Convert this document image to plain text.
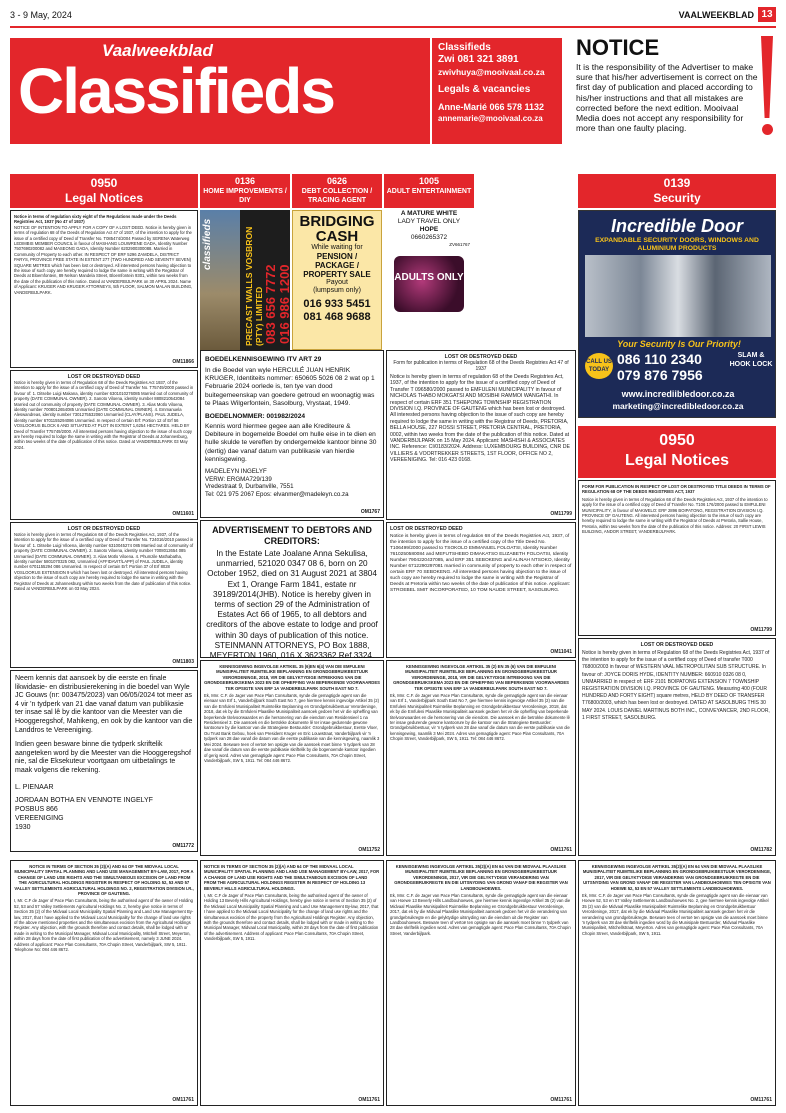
3 - 9 May, 2024	VAALWEEKBLAD 13
Vaalweekblad
Classifieds
Classifieds
Zwi 081 321 3891
zwivhuya@mooivaal.co.za
Legals & vacancies
Anne-Marié 066 578 1132
annemarie@mooivaal.co.za
NOTICE
It is the responsibility of the Advertiser to make sure that his/her advertisement is correct on the first day of publication and placed according to his/her instructions and that all mistakes are corrected before the next edition. Mooivaal Media does not accept any responsibility for more than one faulty placing.
0950
Legal Notices
0136
HOME IMPROVEMENTS / DIY
0626
DEBT COLLECTION / TRACING AGENT
1005
ADULT ENTERTAINMENT
0139
Security
Notice in terms of regulation sixty eight of the Regulations made under the Deeds Registries Act, 1937 (No 47 of 1937)
NOTICE OF INTENTION TO APPLY FOR A COPY OF A LOST DEED. Notice is hereby given in terms of regulation 68 of the Deeds of Regulation Act 47 of 1937, of the intention to apply for the issue of a certified copy of Deed of Transfer No. T085474/2004 Passed by SERENA Waterweg LEDIMBIS MEMBER COUNCIL in favour of MASHANG LOUWRENE GADA, Identity Number 7507690200082 and MASEONG GADA, Identity Number 6202900300088. Married in Community of Property to each other. IN RESPECT OF ERF 5296 ZAMDELA, DISTRICT PARYS, PROVINCE FREE STATE IN EXTENT 277 (TWO HUNDRED AND SEVENTY SEVEN) SQUARE METRES which has been lost or destroyed. All interested persons having objection to the issue of such copy are hereby required to lodge the same in writing with the Registrar of Deeds at Bloemfontein, 89 Nelson Mandela Street, Bloemfontein 9301, within two weeks from the date of the publication of this notice. Dated at VANDERBIJLPARK on 30 APRIL 2024. Name of Applicant: KRUGER AND KRUGER ATTORNEYS, 5th FLOOR, SALMON MALAN BUILDING, VANDERBIJLPARK.
OM11866
LOST OR DESTROYED DEED
Notice is hereby given in terms of Regulation 68 of the Deeds Registries Act 1937, of the intention to apply for the issue of a certified copy of Deed of Transfer No. T75749/2000 passed in favour of: 1. Ditsebe Luigi Makana, identity number 6301010276085 Married out of community of property (DATE COMMUNAL OWNER). 2. Sanoto Viloena, identity number 8808210542084 Married out of community of property (DATE COMMUNAL OWNER). 3. Alias Motlo Viloena, identity number 7008012654085 Unmarried (DATE COMMUNAL OWNER). 4. Emmanuela Aleswandreas, identity number 7301275532060 Unmarried (CLAY/PLANS). PAUL JUDELA, identity number 6701155294086 Unmarried. In respect of certain Erf: Portion 12 of Erf 56 VOSLOORUS BLOCK 6 AND SITUATED AT PLOT IN EXTENT 1,6254 HECTARES. HELD BY Deed of Transfer T75749/2000. All interested persons having objection to the issue of such copy are hereby required to lodge the same in writing with the Registrar of Deeds at Johannesburg, within two weeks of the date of publication of this notice. Dated at VANDERBIJLPARK 03 May 2024.
OM11601
LOST OR DESTROYED DEED
Notice is hereby given in terms of Regulation 68 of the Deeds Registries Act, 1937, of the intention to apply for the issue of a certified copy of Deed of Transfer No. T24016/2010 passed in favour of: 1. Ditsebe Luigi Viloena, identity number 6310045274 085 Married out of community of property (DATE COMMUNAL OWNER). 2. Sanoto Viloena, identity number 7008012654 085 Unmarried (DATE COMMUNAL OWNER). 3. Alias Motlo Viloena. 4. Phumzile Mathabatha, identity number 5801070325 082, Unmarried (AFFIDAVIT/LAPP) of PAUL JUDELA, identity number 6701155294 086 Unmarried. In respect of certain Erf: Portion 37 of Erf 8028 VOSLOORUS EXTENSION 9 which has been lost or destroyed. All interested persons having objection to the issue of such copy are hereby required to lodge the same in writing with the Registrar of Deeds at Johannesburg within two weeks from the date of publication of this notice. Dated at VANDERBIJLPARK on 03 May 2024.
OM11803
Neem kennis dat aansoek by die eerste en finale likwidasie- en distribusierekening in die boedel van Wyle JC Gouws (nr: 003475/2023) van 06/05/2024 tot meer as 4 vir 'n tydperk van 21 dae vanaf datum van publikasie ter insae sal lê by die kantoor van die Meester van die Hooggeregshof, Mahikeng, en ook by die kantoor van die Landdros te Vereeniging.
Indien geen besware binne die tydperk skriftelik aangeteken word by die Meester van die Hooggeregshof nie, sal die Eksekuteur voortgaan om uitbetalings te maak volgens die rekening.
L. PIENAAR
JORDAAN BOTHA EN VENNOTE INGELYF
POSBUS 866
VEREENIGING
1930
OM11772
classifieds	PRECAST WALLS VOSBRON (PTY) LIMITED 083 656 7772 016 986 1200
BRIDGING CASH
While waiting for
PENSION /
PACKAGE /
PROPERTY SALE
Payout
(lumpsum only)
016 933 5451
081 468 9688
A MATURE WHITE
LADY TRAVEL ONLY
HOPE
0660265372
ZV661767
ADULTS ONLY
Incredible Door
EXPANDABLE SECURITY DOORS, WINDOWS AND ALUMINIUM PRODUCTS
Your Security Is Our Priority!
CALL US TODAY
086 110 2340
079 876 7956
SLAM & HOOK LOCK
www.incrediibledoor.co.za
marketing@incredibledoor.co.za
0950
Legal Notices
BOEDELKENNISGEWING ITV ART 29
In die Boedel van wyle HERCULÉ JUAN HENRIK KRUGER, Identiteits nommer: 650605 5026 08 2 wat op 1 Februarie 2024 oorlede is, ten tye van dood buitegemeenskap van goedere getroud en woonagtig was te Plaas Wilgerfontein, Sasolburg, Vrystaat, 1949.
BOEDELNOMMER: 001982/2024
Kennis word hiermee gegee aan alle Krediteure & Debiteure in bogemelde Boedel om hulle eise in te dien en hulle skulde te vereffen by ondergemelde kantoor binne 30 (dertig) dae vanaf datum van publikasie van hierdie kennisgewing.
MADELEYN INGELYF
VERW: ERGMA729/139
Vredestraat 9, Durbanville, 7551
Tel: 021 975 2067 Epos: elvanmer@madeleyn.co.za
OM1767
ADVERTISEMENT TO DEBTORS AND CREDITORS:
In the Estate Late Joalane Anna Sekulisa, unmarried, 521020 0347 08 6, born on 20 October 1952, died on 31 August 2021 at 3804 Ext 1, Orange Farm 1841, estate nr 39189/2014(JHB). Notice is hereby given in terms of section 29 of the Administration of Estates Act 66 of 1965, to all debtors and creditors of the above estate to lodge and proof within 30 days of publication of this notice. STEINMANN ATTORNEYS, PO Box 1888, MEYERTON 1960, 016 X 3623362 Ref 3324.
LOST OR DESTROYED DEED
Form for publication in terms of Regulation 68 of the Deeds Registries Act 47 of 1937
Notice is hereby given in terms of regulation 68 of the Deeds Registries Act, 1937, of the intention to apply for the issue of a certified copy of Deed of Transfer T 096580/2000 passed to EMFULENI MUNICIPALITY in favour of NICHOLAS THABO MOKGATSI AND MOSIBHI RAMMOI WANGATHI. In respect of certain ERF 351 TSHEPONG TOWNSHIP REGISTRATION DIVISION I.Q. PROVINCE OF GAUTENG which has been lost or destroyed. All interested persons having objection to the issue of such copy are hereby required to lodge the same in writing with the Registrar of Deeds, PRETORIA, BELLA HOUSE, 227 ROSSI STREET, PRETORIA CENTRAL, PRETORIA, 0002, within two weeks from the date of the publication of this notice. Dated at VANDERBIJLPARK on 15 May 2024. Applicant: MASHISHI & ASSOCIATES INC. Reference: CI/0183/2024. Address: LUXEMBOURG BUILDING, CNR DE VILLIERS & VOORTREKKER STREETS, 1ST FLOOR, OFFICE NO 2, VEREENIGING. Tel: 016 423 0168.
OM11799
LOST OR DESTROYED DEED
Notice is hereby given in terms of regulation 68 of the Deeds Registries Act, 1937, of the intention to apply for the issue of a certified copy of the Title Deed No. T106499/2000 passed to TSOKOLO EMMANUEL FOLOATSI, Identity Number 7610250580084 and MEFUTSHEBO DIMAKATSO ELIZABETH FOLOATSI, Identity Number 7904220437085, and ERF 351 SEBOKENG and ALINAH NTSOKO, Identity Number 6712290297081 married in community of property to each other in respect of certain ERF 70 SEBOKENG. All interested persons having objection to the issue of such copy are hereby required to lodge the same in writing with the Registrar of Deeds at Pretoria within two weeks of the date of publication of this notice. Applicant: STROEBEL SMIT INCORPORATED, 10 TOM NAUDE STREET, SASOLBURG.
OM11041
FORM FOR PUBLICATION IN RESPECT OF LOST OR DESTROYED TITLE DEEDS IN TERMS OF REGULATION 68 OF THE DEEDS REGISTRIES ACT, 1937
Notice is hereby given in terms of Regulation 68 of the Deeds Registries Act, 1937 of the intention to apply for the issue of a certified copy of Deed of Transfer No. T106 176/2000 passed to EMFULENI MUNICIPALITY, in favour of MAKWELO: ERF 2896 BOIPATONG, REGISTRATION DIVISION I.Q. PROVINCE OF GAUTENG. All interested persons having objection to the issue of such copy are hereby required to lodge the same in writing with the Registrar of Deeds at Pretoria, Sallie House, Pretoria, within two weeks from the date of the publication of this notice. Address: 20 FIRST LEWIS BUILDING, ANDOR STREET, VANDERBIJLPARK.
OM11799
LOST OR DESTROYED DEED
Notice is hereby given in terms of Regulation 68 of the Deeds Registries Act, 1937 of the intention to apply for the issue of a certified copy of Deed of transfer T000 76800/2003 in favour of WESTERN VAAL METROPOLITAN SUB STRUCTURE. In favour of: JOYCE DORIS HYDE, IDENTITY NUMBER: 660910 0326 08 0, UNMARRIED in respect of: ERF 2101 BOIPATONG EXTENSION 7 TOWNSHIP REGISTRATION DIVISION I.Q. PROVINCE OF GAUTENG. Measuring 400 (FOUR HUNDRED AND FORTY EIGHT) square metres, HELD BY DEED OF TRANSFER T76800/2003, which has been lost or destroyed. DATED AT SASOLBURG THIS 30 MAY 2024. LOUIS DANIEL MARTINUS BOTH INC., CONVEYANCER, 2ND FLOOR, 1 FIRST STREET, SASOLBURG.
OM11782
KENNISGEWING INGEVOLGE ARTIKEL 35 (6)EN 6(4) VAN DIE EMFULENI MUNISIPALITEIT RUIMTELIKE BEPLANNING EN GRONDGEBRUIKBESTUUR VERORDENINGE, 2018, VIR DIE GELYKTYDIGE INTREKKING VAN DIE GRONDGEBRUIKSKEMA 2023 EN DIE OPHEFFING VAN BEPERKENDE VOORWAARDES TER OPSIGTE VAN ERF 1A VANDERBIJLPARK SOUTH EAST NO 7.
Ek, Mnr. C.F. de Jager van Pace Plan Consultants, synde die gemagtigde agent van die eienaar van Erf 1, Vanderbijlpark South East No 7, gee hiermee kennis ingevolge Artikel 35 (2) van die Emfuleni Munisipaliteit Ruimtelike Beplanning en Grondgebruikbestuur Verordeninge, 2018, dat ek by die Emfuleni Plaaslike Munisipaliteit aansoek gedoen het vir die opheffing van beperkende titelvoorwaardes en die hersonering van die eiendom van Residensieel 1 na Residensieel 3. Die aansoek en die betrokke dokumente lê ter insae gedurende gewone kantoorure by die kantoor van die Strategiese Bestuurder: Grondgebruikbestuur, Eerste Vloer, Ou Trust Bank Gebou, hoek van President Kruger en Eric Louwstraat, Vanderbijlpark vir 'n tydperk van 28 dae vanaf die datum van die eerste publikasie van die kennisgewing, naamlik 3 Mei 2024. Besware teen of vertoë ten opsigte van die aansoek moet binne 'n tydperk van 28 dae vanaf die datum van die eerste publikasie skriftelik by die bogenoemde kantoor ingedien of gerig word. Adres van gemagtigde agent: Pace Plan Consultants, 70A Chopin Street, Vanderbijlpark, SW 5, 1911. Tel: 084 446 8672.
OM11752
KENNISGEWING INGEVOLGE ARTIKEL 35 (2) EN 35 (6) VAN DIE EMFULENI MUNISIPALITEIT RUIMTELIKE BEPLANNING EN GRONDGEBRUIKBESTUUR VERORDENINGE, 2018, VIR DIE GELYKTYDIGE INTREKKING VAN DIE GRONDGEBRUIKSKEMA 2023 EN DIE OPHEFFING VAN BEPERKENDE VOORWAARDES TER OPSIGTE VAN ERF 1A VANDERBIJLPARK SOUTH EAST NO 7.
Ek, Mnr. C.F. de Jager van Pace Plan Consultants, synde die gemagtigde agent van die eienaar van Erf 1, Vanderbijlpark South East No 7, gee hiermee kennis ingevolge Artikel 35 (2) van die Emfuleni Munisipaliteit Ruimtelike Beplanning en Grondgebruikbestuur Verordeninge, 2018, dat ek by die Emfuleni Plaaslike Munisipaliteit aansoek gedoen het vir die opheffing van beperkende titelvoorwaardes en die hersonering van die eiendom. Die aansoek en die betrokke dokumente lê ter insae gedurende gewone kantoorure by die kantoor van die Strategiese Bestuurder: Grondgebruikbestuur, vir 'n tydperk van 28 dae vanaf die datum van die eerste publikasie van die kennisgewing, naamlik 3 Mei 2024. Adres van gemagtigde agent: Pace Plan Consultants, 70A Chopin Street, Vanderbijlpark, SW 5, 1911. Tel: 084 446 8672.
OM11761
NOTICE IN TERMS OF SECTION 35 (2)(A) AND 64 OF THE MIDVAAL LOCAL MUNICIPALITY SPATIAL PLANNING AND LAND USE MANAGEMENT BY-LAW, 2017, FOR A CHANGE OF LAND USE RIGHTS AND THE SIMULTANEOUS EXCISION OF LAND FROM THE AGRICULTURAL HOLDINGS REGISTER IN RESPECT OF HOLDING 52, 53 AND 57 VALLEY SETTLEMENTS AGRICULTURAL HOLDINGS NO. 2, REGISTRATION DIVISION I.R., PROVINCE OF GAUTENG.
I, Mr. C.F de Jager of Pace Plan Consultants, being the authorised agent of the owner of Holding 52, 53 and 57 Valley Settlements Agricultural Holdings No. 2, hereby give notice in terms of Section 35 (2) of the Midvaal Local Municipality Spatial Planning and Land Use Management By-law, 2017, that I have applied to the Midvaal Local Municipality for the change of land use rights of the above mentioned properties and the simultaneous excision from the Agricultural Holdings Register. Any objection, with the grounds therefore and contact details, shall be lodged with or made in writing to the Municipal Manager, Midvaal Local Municipality, Mitchell Street, Meyerton, within 28 days from the date of first publication of the advertisement, namely 3 JUNE 2024. Address of applicant: Pace Plan Consultants, 70A Chopin Street, Vanderbijlpark, SW 5, 1911. Telephone No: 084 446 8672.
OM11761
NOTICE IN TERMS OF SECTION 35 (2)(A) AND 64 OF THE MIDVAAL LOCAL MUNICIPALITY SPATIAL PLANNING AND LAND USE MANAGEMENT BY-LAW, 2017, FOR A CHANGE OF LAND USE RIGHTS AND THE SIMULTANEOUS EXCISION OF LAND FROM THE AGRICULTURAL HOLDINGS REGISTER IN RESPECT OF HOLDING 13 BEVERLY HILLS AGRICULTURAL HOLDINGS.
I, Mr. C.F de Jager of Pace Plan Consultants, being the authorised agent of the owner of Holding 13 Beverly Hills Agricultural Holdings, hereby give notice in terms of Section 35 (2) of the Midvaal Local Municipality Spatial Planning and Land Use Management By-law, 2017, that I have applied to the Midvaal Local Municipality for the change of land use rights and the simultaneous excision of the property from the Agricultural Holdings Register. Any objection, with the grounds therefore and contact details, shall be lodged with or made in writing to the Municipal Manager, Midvaal Local Municipality, within 28 days from the date of first publication of the advertisement. Address of applicant: Pace Plan Consultants, 70A Chopin Street, Vanderbijlpark, SW 5, 1911.
OM11761
KENNISGEWING INGEVOLGE ARTIKEL 35(2)(A) EN 64 VAN DIE MIDVAAL PLAASLIKE MUNISIPALITEIT RUIMTELIKE BEPLANNING EN GRONDGEBRUIKBESTUUR VERORDENINGE, 2017, VIR DIE GELYKTYDIGE VERANDERING VAN GRONDGEBRUIKREGTE EN DIE UITSNYDING VAN GROND VANAF DIE REGISTER VAN LANDBOUHOEWES.
Ek, Mnr. C.F. de Jager van Pace Plan Consultants, synde die gemagtigde agent van die eienaar van Hoewe 13 Beverly Hills Landbouhoewes, gee hiermee kennis ingevolge Artikel 35 (2) van die Midvaal Plaaslike Munisipaliteit Ruimtelike Beplanning en Grondgebruikbestuur Verordeninge, 2017, dat ek by die Midvaal Plaaslike Munisipaliteit aansoek gedoen het vir die verandering van grondgebruikregte en die gelyktydige uitsnyding van die eiendom uit die Register van Landbouhoewes. Besware teen of vertoë ten opsigte van die aansoek moet binne 'n tydperk van 28 dae skriftelik ingedien word. Adres van gemagtigde agent: Pace Plan Consultants, 70A Chopin Street, Vanderbijlpark.
OM11761
KENNISGEWING INGEVOLGE ARTIKEL 35(2)(A) EN 64 VAN DIE MIDVAAL PLAASLIKE MUNISIPALITEIT RUIMTELIKE BEPLANNING EN GRONDGEBRUIKBESTUUR VERORDENINGE, 2017, VIR DIE GELYKTYDIGE VERANDERING VAN GRONDGEBRUIKREGTE EN DIE UITSNYDING VAN GROND VANAF DIE REGISTER VAN LANDBOUHOEWES TEN OPSIGTE VAN HOEWE 52, 53 EN 57 VALLEY SETTLEMENTS LANDBOUHOEWES.
Ek, Mnr. C.F. de Jager van Pace Plan Consultants, synde die gemagtigde agent van die eienaar van Hoewe 52, 53 en 57 Valley Settlements Landbouhoewes No. 2, gee hiermee kennis ingevolge Artikel 35 (2) van die Midvaal Plaaslike Munisipaliteit Ruimtelike Beplanning en Grondgebruikbestuur Verordeninge, 2017, dat ek by die Midvaal Plaaslike Munisipaliteit aansoek gedoen het vir die verandering van grondgebruikregte. Besware teen of vertoë ten opsigte van die aansoek moet binne 'n tydperk van 28 dae skriftelik ingedien word by die Munisipale Bestuurder, Midvaal Plaaslike Munisipaliteit, Mitchellstraat, Meyerton. Adres van gemagtigde agent: Pace Plan Consultants, 70A Chopin Street, Vanderbijlpark, SW 5, 1911.
OM11761
